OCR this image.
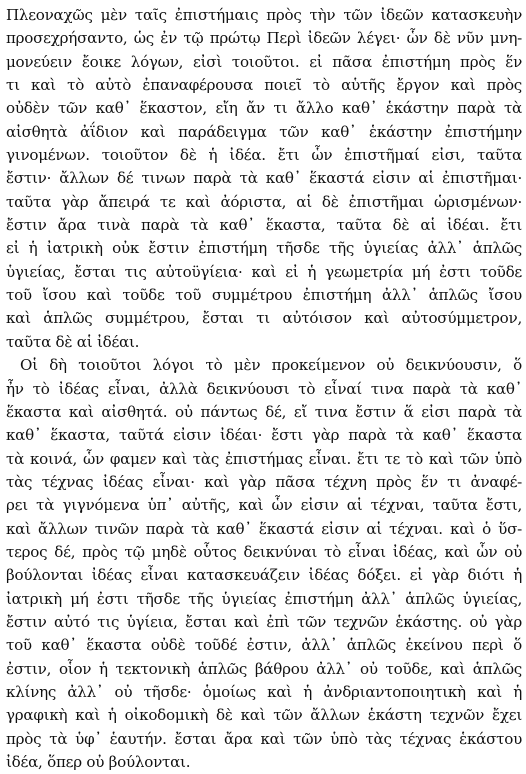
Πλεοναχῶς μὲν ταῖς ἐπιστήμαις πρὸς τὴν τῶν ἰδεῶν κατασκευὴν
προσεχρήσαντο, ὡς ἐν τῷ πρώτῳ Περὶ ἰδεῶν λέγει· ὧν δὲ νῦν μνη-
μονεύειν ἔοικε λόγων, εἰσὶ τοιοῦτοι. εἰ πᾶσα ἐπιστήμη πρὸς ἕν
τι καὶ τὸ αὐτὸ ἐπαναφέρουσα ποιεῖ τὸ αὑτῆς ἔργον καὶ πρὸς
οὐδὲν τῶν καθ᾿ ἕκαστον, εἴη ἄν τι ἄλλο καθ᾿ ἑκάστην παρὰ τὰ
αἰσθητὰ ἀΐδιον καὶ παράδειγμα τῶν καθ᾿ ἑκάστην ἐπιστήμην
γινομένων. τοιοῦτον δὲ ἡ ἰδέα. ἔτι ὧν ἐπιστῆμαί εἰσι, ταῦτα
ἔστιν· ἄλλων δέ τινων παρὰ τὰ καθ᾿ ἕκαστά εἰσιν αἱ ἐπιστῆμαι·
ταῦτα γὰρ ἄπειρά τε καὶ ἀόριστα, αἱ δὲ ἐπιστῆμαι ὡρισμένων·
ἔστιν ἄρα τινὰ παρὰ τὰ καθ᾿ ἕκαστα, ταῦτα δὲ αἱ ἰδέαι. ἔτι
εἰ ἡ ἰατρικὴ οὐκ ἔστιν ἐπιστήμη τῆσδε τῆς ὑγιείας ἀλλ᾿ ἁπλῶς
ὑγιείας, ἔσται τις αὐτοϋγίεια· καὶ εἰ ἡ γεωμετρία μή ἐστι τοῦδε
τοῦ ἴσου καὶ τοῦδε τοῦ συμμέτρου ἐπιστήμη ἀλλ᾿ ἁπλῶς ἴσου
καὶ ἁπλῶς συμμέτρου, ἔσται τι αὐτόισον καὶ αὐτοσύμμετρον,
ταῦτα δὲ αἱ ἰδέαι.
Οἱ δὴ τοιοῦτοι λόγοι τὸ μὲν προκείμενον οὐ δεικνύουσιν, ὅ
ἦν τὸ ἰδέας εἶναι, ἀλλὰ δεικνύουσι τὸ εἶναί τινα παρὰ τὰ καθ᾿
ἕκαστα καὶ αἰσθητά. οὐ πάντως δέ, εἴ τινα ἔστιν ἅ εἰσι παρὰ τὰ
καθ᾿ ἕκαστα, ταῦτά εἰσιν ἰδέαι· ἔστι γὰρ παρὰ τὰ καθ᾿ ἕκαστα
τὰ κοινά, ὧν φαμεν καὶ τὰς ἐπιστήμας εἶναι. ἔτι τε τὸ καὶ τῶν ὑπὸ
τὰς τέχνας ἰδέας εἶναι· καὶ γὰρ πᾶσα τέχνη πρὸς ἕν τι ἀναφέ-
ρει τὰ γιγνόμενα ὑπ᾿ αὐτῆς, καὶ ὧν εἰσιν αἱ τέχναι, ταῦτα ἔστι,
καὶ ἄλλων τινῶν παρὰ τὰ καθ᾿ ἕκαστά εἰσιν αἱ τέχναι. καὶ ὁ ὕσ-
τερος δέ, πρὸς τῷ μηδὲ οὗτος δεικνύναι τὸ εἶναι ἰδέας, καὶ ὧν οὐ
βούλονται ἰδέας εἶναι κατασκευάζειν ἰδέας δόξει. εἰ γὰρ διότι ἡ
ἰατρικὴ μή ἐστι τῆσδε τῆς ὑγιείας ἐπιστήμη ἀλλ᾿ ἁπλῶς ὑγιείας,
ἔστιν αὐτό τις ὑγίεια, ἔσται καὶ ἐπὶ τῶν τεχνῶν ἑκάστης. οὐ γὰρ
τοῦ καθ᾿ ἕκαστα οὐδὲ τοῦδέ ἐστιν, ἀλλ᾿ ἁπλῶς ἐκείνου περὶ ὅ
ἐστιν, οἷον ἡ τεκτονικὴ ἁπλῶς βάθρου ἀλλ᾿ οὐ τοῦδε, καὶ ἁπλῶς
κλίνης ἀλλ᾿ οὐ τῆσδε· ὁμοίως καὶ ἡ ἀνδριαντοποιητικὴ καὶ ἡ
γραφικὴ καὶ ἡ οἰκοδομικὴ δὲ καὶ τῶν ἄλλων ἑκάστη τεχνῶν ἔχει
πρὸς τὰ ὑφ᾿ ἑαυτήν. ἔσται ἄρα καὶ τῶν ὑπὸ τὰς τέχνας ἑκάστου
ἰδέα, ὅπερ οὐ βούλονται.
